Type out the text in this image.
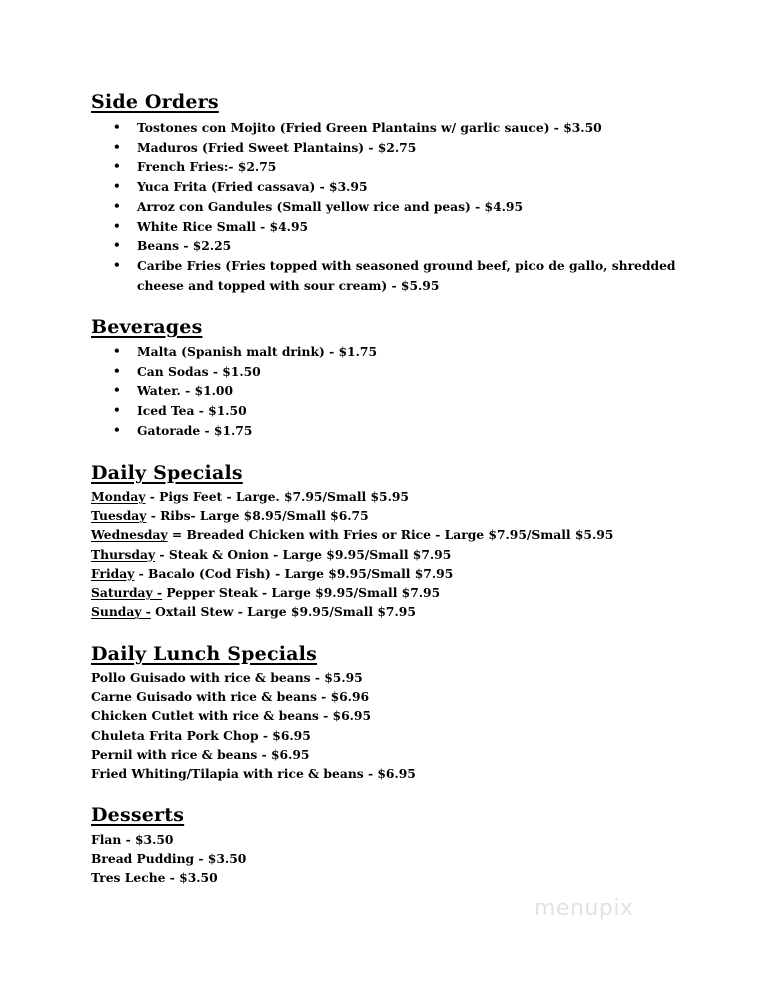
Side Orders
• Tostones con Mojito (Fried Green Plantains w/ garlic sauce) - $3.50
• Maduros (Fried Sweet Plantains) - $2.75
• French Fries:- $2.75
• Yuca Frita (Fried cassava) - $3.95
• Arroz con Gandules (Small yellow rice and peas) - $4.95
• White Rice Small - $4.95
• Beans - $2.25
• Caribe Fries (Fries topped with seasoned ground beef, pico de gallo, shredded cheese and topped with sour cream) - $5.95
Beverages
• Malta (Spanish malt drink) - $1.75
• Can Sodas - $1.50
• Water. - $1.00
• Iced Tea - $1.50
• Gatorade - $1.75
Daily Specials
Monday - Pigs Feet - Large. $7.95/Small $5.95
Tuesday - Ribs- Large $8.95/Small $6.75
Wednesday = Breaded Chicken with Fries or Rice - Large $7.95/Small $5.95
Thursday - Steak & Onion - Large $9.95/Small $7.95
Friday - Bacalo (Cod Fish) - Large $9.95/Small $7.95
Saturday - Pepper Steak - Large $9.95/Small $7.95
Sunday - Oxtail Stew - Large $9.95/Small $7.95
Daily Lunch Specials
Pollo Guisado with rice & beans - $5.95
Carne Guisado with rice & beans - $6.96
Chicken Cutlet with rice & beans - $6.95
Chuleta Frita Pork Chop - $6.95
Pernil with rice & beans - $6.95
Fried Whiting/Tilapia with rice & beans - $6.95
Desserts
Flan - $3.50
Bread Pudding - $3.50
Tres Leche - $3.50
menupix
